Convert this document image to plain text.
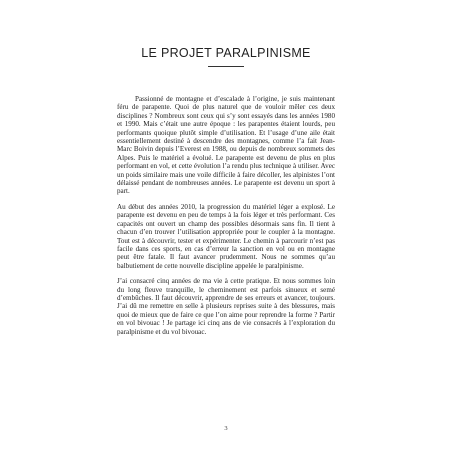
LE PROJET PARALPINISME

Passionné de montagne et d’escalade à l’origine, je suis maintenant féru de parapente. Quoi de plus naturel que de vouloir mêler ces deux disciplines ? Nombreux sont ceux qui s’y sont essayés dans les années 1980 et 1990. Mais c’était une autre époque : les parapentes étaient lourds, peu performants quoique plutôt simple d’utilisation. Et l’usage d’une aile était essentiellement destiné à descendre des montagnes, comme l’a fait Jean-Marc Boivin depuis l’Everest en 1988, ou depuis de nombreux sommets des Alpes. Puis le matériel a évolué. Le parapente est devenu de plus en plus performant en vol, et cette évolution l’a rendu plus technique à utiliser. Avec un poids similaire mais une voile difficile à faire décoller, les alpinistes l’ont délaissé pendant de nombreuses années. Le parapente est devenu un sport à part.

Au début des années 2010, la progression du matériel léger a explosé. Le parapente est devenu en peu de temps à la fois léger et très performant. Ces capacités ont ouvert un champ des possibles désormais sans fin. Il tient à chacun d’en trouver l’utilisation appropriée pour le coupler à la montagne. Tout est à découvrir, tester et expérimenter. Le chemin à parcourir n’est pas facile dans ces sports, en cas d’erreur la sanction en vol ou en montagne peut être fatale. Il faut avancer prudemment. Nous ne sommes qu’au balbutiement de cette nouvelle discipline appelée le paralpinisme.

J’ai consacré cinq années de ma vie à cette pratique. Et nous sommes loin du long fleuve tranquille, le cheminement est parfois sinueux et semé d’embûches. Il faut découvrir, apprendre de ses erreurs et avancer, toujours. J’ai dû me remettre en selle à plusieurs reprises suite à des blessures, mais quoi de mieux que de faire ce que l’on aime pour reprendre la forme ? Partir en vol bivouac ! Je partage ici cinq ans de vie consacrés à l’exploration du paralpinisme et du vol bivouac.

3
